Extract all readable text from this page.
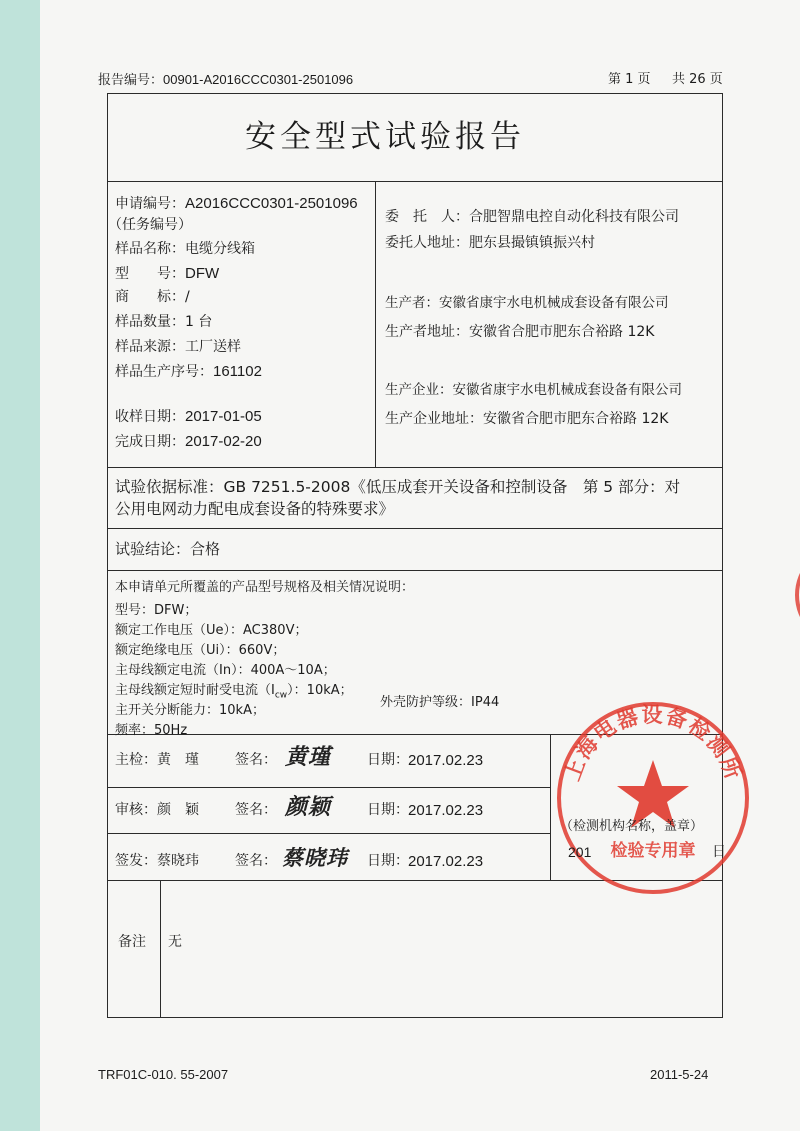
报告编号：00901-A2016CCC0301-2501096	第 1 页 共 26 页
安全型式试验报告
申请编号：A2016CCC0301-2501096
（任务编号）
样品名称：电缆分线箱
型　　号：DFW
商　　标：/
样品数量：1 台
样品来源：工厂送样
样品生产序号：161102
收样日期：2017-01-05
完成日期：2017-02-20
委　托　人：合肥智鼎电控自动化科技有限公司
委托人地址：肥东县撮镇镇振兴村
生产者：安徽省康宇水电机械成套设备有限公司
生产者地址：安徽省合肥市肥东合裕路 12K
生产企业：安徽省康宇水电机械成套设备有限公司
生产企业地址：安徽省合肥市肥东合裕路 12K
试验依据标准：GB 7251.5-2008《低压成套开关设备和控制设备　第 5 部分：对
公用电网动力配电成套设备的特殊要求》
试验结论：合格
本申请单元所覆盖的产品型号规格及相关情况说明：
型号：DFW；
额定工作电压（Ue）：AC380V；
额定绝缘电压（Ui）：660V；
主母线额定电流（In）：400A～10A；
主母线额定短时耐受电流$(I_{cw})$：10kA；
主开关分断能力：10kA；
外壳防护等级：IP44
频率：50Hz
主检：黄　瑾	签名： 黄瑾	日期： 2017.02.23
审核：颜　颖	签名： 颜颖	日期： 2017.02.23
签发：蔡晓玮	签名： 蔡晓玮 日期： 2017.02.23
备注 无
TRF01C-010. 55-2007	2011-5-24
上海电器设备检测所
检验专用章
（检测机构名称，盖章）
201	日
